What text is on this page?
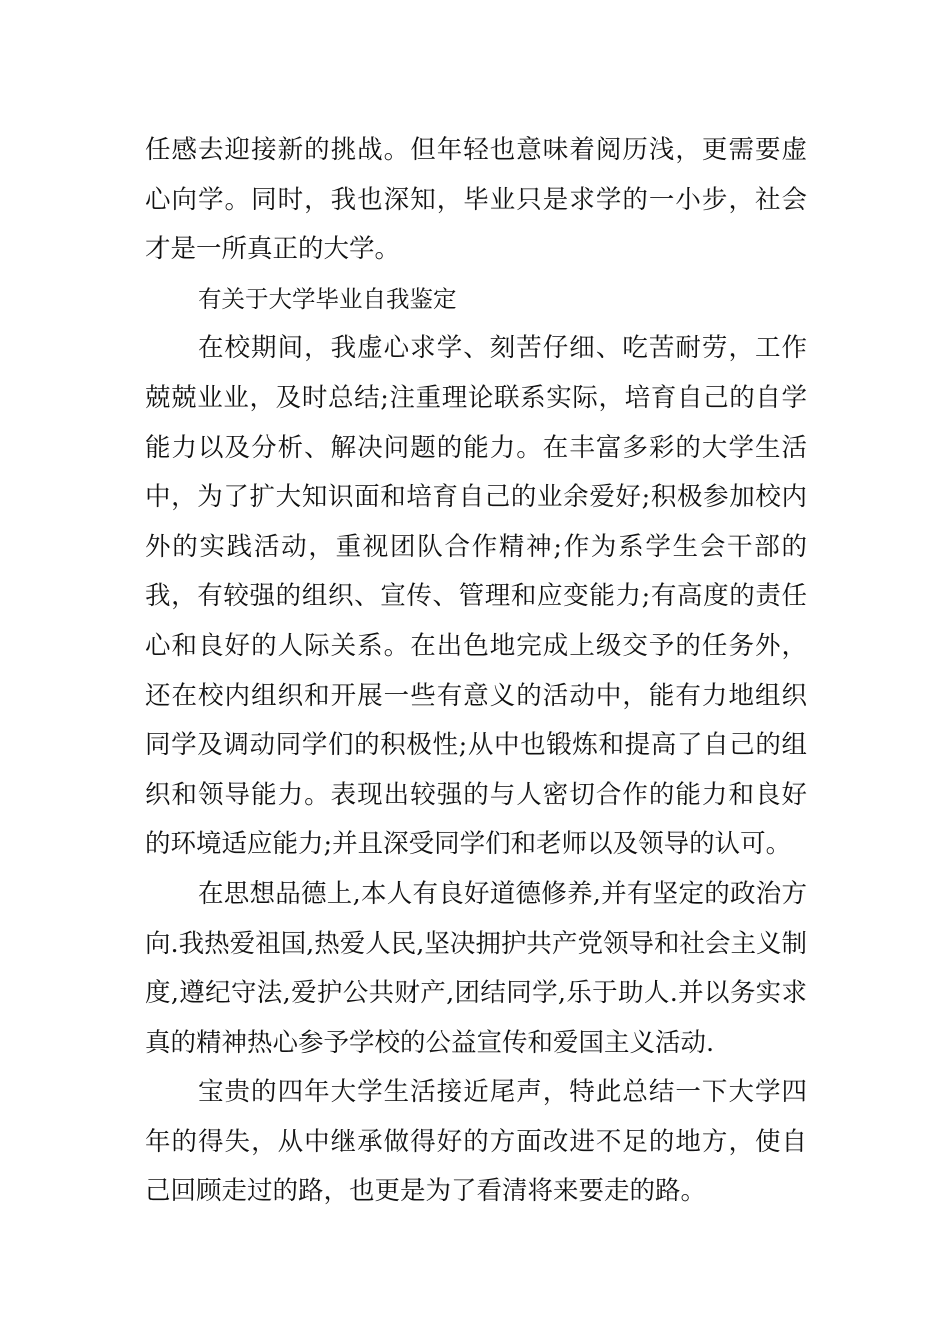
任感去迎接新的挑战。但年轻也意味着阅历浅，更需要虚心向学。同时，我也深知，毕业只是求学的一小步，社会才是一所真正的大学。

有关于大学毕业自我鉴定

在校期间，我虚心求学、刻苦仔细、吃苦耐劳，工作兢兢业业，及时总结;注重理论联系实际，培育自己的自学能力以及分析、解决问题的能力。在丰富多彩的大学生活中，为了扩大知识面和培育自己的业余爱好;积极参加校内外的实践活动，重视团队合作精神;作为系学生会干部的我，有较强的组织、宣传、管理和应变能力;有高度的责任心和良好的人际关系。在出色地完成上级交予的任务外，还在校内组织和开展一些有意义的活动中，能有力地组织同学及调动同学们的积极性;从中也锻炼和提高了自己的组织和领导能力。表现出较强的与人密切合作的能力和良好的环境适应能力;并且深受同学们和老师以及领导的认可。

在思想品德上,本人有良好道德修养,并有坚定的政治方向.我热爱祖国,热爱人民,坚决拥护共产党领导和社会主义制度,遵纪守法,爱护公共财产,团结同学,乐于助人.并以务实求真的精神热心参予学校的公益宣传和爱国主义活动.

宝贵的四年大学生活接近尾声，特此总结一下大学四年的得失，从中继承做得好的方面改进不足的地方，使自己回顾走过的路，也更是为了看清将来要走的路。
